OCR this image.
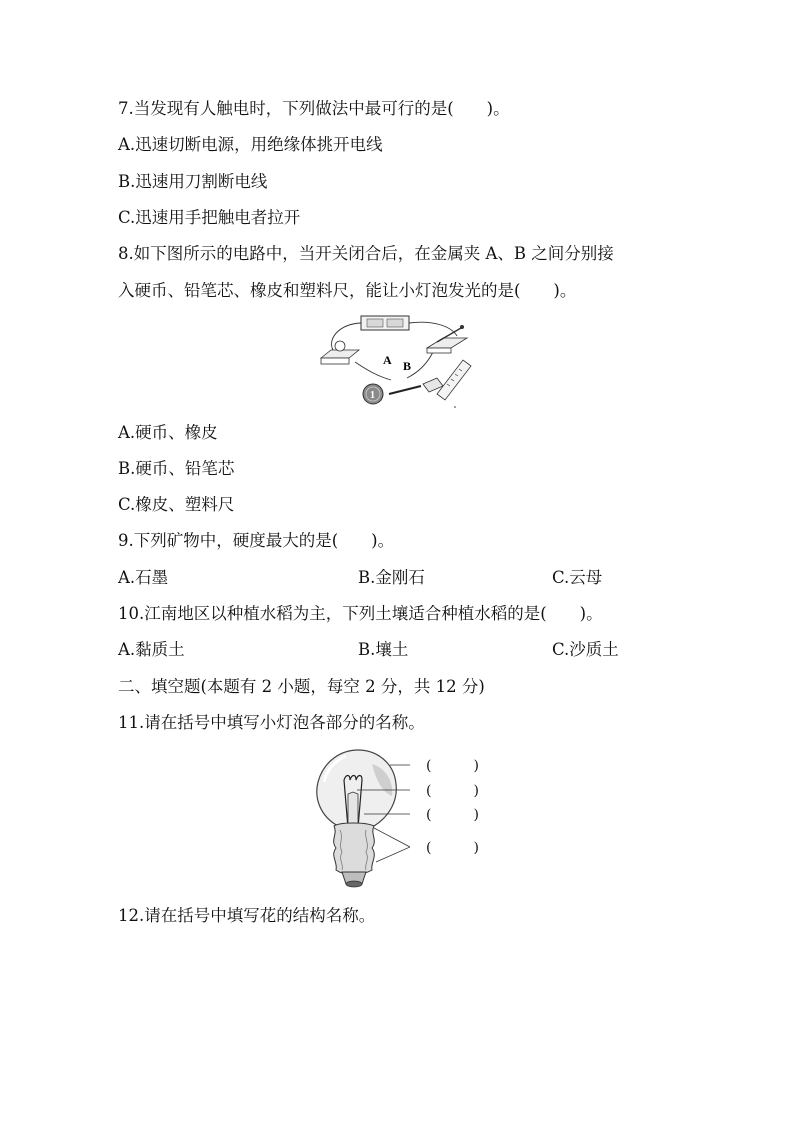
7.当发现有人触电时，下列做法中最可行的是(　　)。
A.迅速切断电源，用绝缘体挑开电线
B.迅速用刀割断电线
C.迅速用手把触电者拉开
8.如下图所示的电路中，当开关闭合后，在金属夹 A、B 之间分别接
入硬币、铅笔芯、橡皮和塑料尺，能让小灯泡发光的是(　　)。
A B
1
A.硬币、橡皮
B.硬币、铅笔芯
C.橡皮、塑料尺
9.下列矿物中，硬度最大的是(　　)。
A.石墨	B.金刚石	C.云母
10.江南地区以种植水稻为主，下列土壤适合种植水稻的是(　　)。
A.黏质土	B.壤土	C.沙质土
二、填空题(本题有 2 小题，每空 2 分，共 12 分)
11.请在括号中填写小灯泡各部分的名称。
(　　　)
(　　　)
(　　　)
(　　　)
12.请在括号中填写花的结构名称。
